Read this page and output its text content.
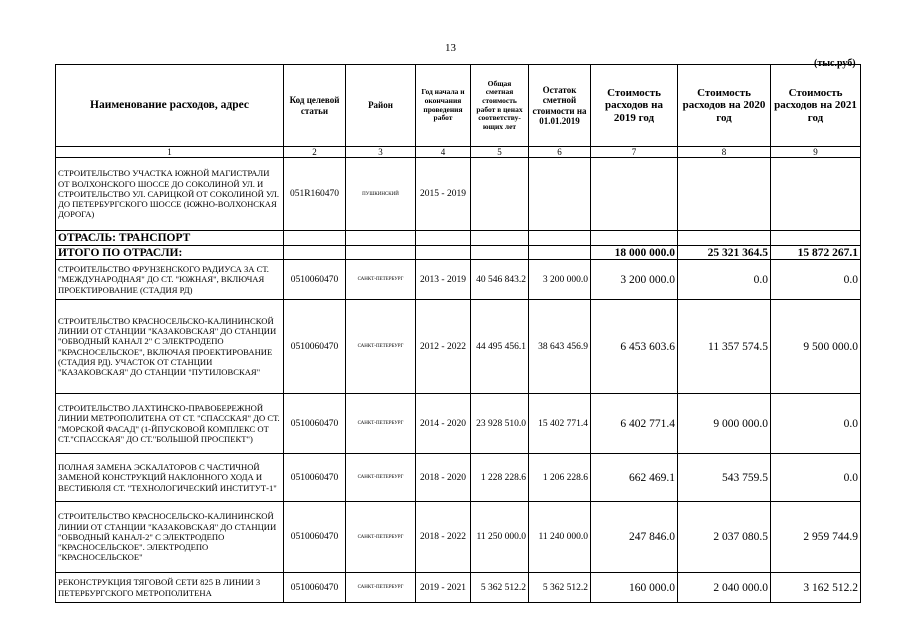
13
(тыс.руб)
Наименование расходов, адрес	Код целевой статьи	Район	Год начала и окончания проведения работ	Общая сметная стоимость работ в ценах соответству-ющих лет	Остаток сметной стоимости на 01.01.2019	Стоимость расходов на 2019 год	Стоимость расходов на 2020 год	Стоимость расходов на 2021 год
1	2	3	4	5	6	7	8	9
СТРОИТЕЛЬСТВО УЧАСТКА ЮЖНОЙ МАГИСТРАЛИ ОТ ВОЛХОНСКОГО ШОССЕ ДО СОКОЛИНОЙ УЛ. И СТРОИТЕЛЬСТВО УЛ. САРИЦКОЙ ОТ СОКОЛИНОЙ УЛ. ДО ПЕТЕРБУРГСКОГО ШОССЕ (ЮЖНО-ВОЛХОНСКАЯ ДОРОГА)	051R160470	ПУШКИНСКИЙ	2015 - 2019					
ОТРАСЛЬ: ТРАНСПОРТ								
ИТОГО ПО ОТРАСЛИ:						18 000 000.0	25 321 364.5	15 872 267.1
СТРОИТЕЛЬСТВО ФРУНЗЕНСКОГО РАДИУСА ЗА СТ. "МЕЖДУНАРОДНАЯ" ДО СТ. "ЮЖНАЯ", ВКЛЮЧАЯ ПРОЕКТИРОВАНИЕ (СТАДИЯ РД)	0510060470	САНКТ-ПЕТЕРБУРГ	2013 - 2019	40 546 843.2	3 200 000.0	3 200 000.0	0.0	0.0
СТРОИТЕЛЬСТВО КРАСНОСЕЛЬСКО-КАЛИНИНСКОЙ ЛИНИИ ОТ СТАНЦИИ "КАЗАКОВСКАЯ" ДО СТАНЦИИ "ОБВОДНЫЙ КАНАЛ 2" С ЭЛЕКТРОДЕПО "КРАСНОСЕЛЬСКОЕ", ВКЛЮЧАЯ ПРОЕКТИРОВАНИЕ (СТАДИЯ РД). УЧАСТОК ОТ СТАНЦИИ "КАЗАКОВСКАЯ" ДО СТАНЦИИ "ПУТИЛОВСКАЯ"	0510060470	САНКТ-ПЕТЕРБУРГ	2012 - 2022	44 495 456.1	38 643 456.9	6 453 603.6	11 357 574.5	9 500 000.0
СТРОИТЕЛЬСТВО ЛАХТИНСКО-ПРАВОБЕРЕЖНОЙ ЛИНИИ МЕТРОПОЛИТЕНА ОТ СТ. "СПАССКАЯ" ДО СТ. "МОРСКОЙ ФАСАД" (1-ЙПУСКОВОЙ КОМПЛЕКС ОТ СТ."СПАССКАЯ" ДО СТ."БОЛЬШОЙ ПРОСПЕКТ")	0510060470	САНКТ-ПЕТЕРБУРГ	2014 - 2020	23 928 510.0	15 402 771.4	6 402 771.4	9 000 000.0	0.0
ПОЛНАЯ ЗАМЕНА ЭСКАЛАТОРОВ С ЧАСТИЧНОЙ ЗАМЕНОЙ КОНСТРУКЦИЙ НАКЛОННОГО ХОДА И ВЕСТИБЮЛЯ СТ. "ТЕХНОЛОГИЧЕСКИЙ ИНСТИТУТ-1"	0510060470	САНКТ-ПЕТЕРБУРГ	2018 - 2020	1 228 228.6	1 206 228.6	662 469.1	543 759.5	0.0
СТРОИТЕЛЬСТВО КРАСНОСЕЛЬСКО-КАЛИНИНСКОЙ ЛИНИИ ОТ СТАНЦИИ "КАЗАКОВСКАЯ" ДО СТАНЦИИ "ОБВОДНЫЙ КАНАЛ-2" С ЭЛЕКТРОДЕПО "КРАСНОСЕЛЬСКОЕ". ЭЛЕКТРОДЕПО "КРАСНОСЕЛЬСКОЕ"	0510060470	САНКТ-ПЕТЕРБУРГ	2018 - 2022	11 250 000.0	11 240 000.0	247 846.0	2 037 080.5	2 959 744.9
РЕКОНСТРУКЦИЯ ТЯГОВОЙ СЕТИ 825 В ЛИНИИ 3 ПЕТЕРБУРГСКОГО МЕТРОПОЛИТЕНА	0510060470	САНКТ-ПЕТЕРБУРГ	2019 - 2021	5 362 512.2	5 362 512.2	160 000.0	2 040 000.0	3 162 512.2
